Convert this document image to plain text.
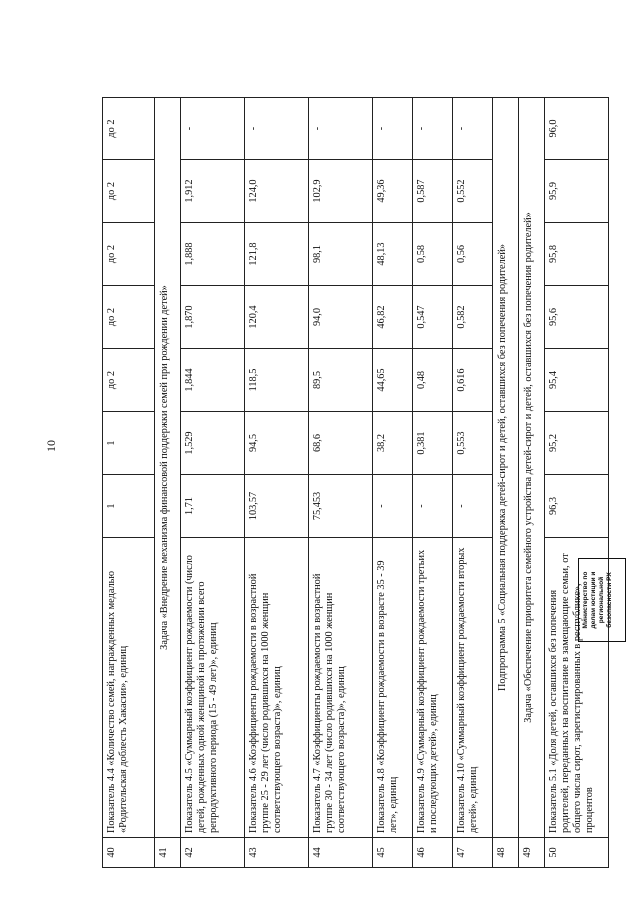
10
40	Показатель 4.4 «Количество семей, награжденных медалью «Родительская доблесть Хакасии», единиц	1	1	до 2	до 2	до 2	до 2	до 2
41	Задача «Внедрение механизма финансовой поддержки семей при рождении детей»							
42	Показатель 4.5 «Суммарный коэффициент рождаемости (число детей, рожденных одной женщиной на протяжении всего репродуктивного периода (15 - 49 лет)», единиц	1,71	1,529	1,844	1,870	1,888	1,912	-
43	Показатель 4.6 «Коэффициенты рождаемости в возрастной группе 25 - 29 лет (число родившихся на 1000 женщин соответствующего возраста)», единиц	103,57	94,5	118,5	120,4	121,8	124,0	-
44	Показатель 4.7 «Коэффициенты рождаемости в возрастной группе 30 - 34 лет (число родившихся на 1000 женщин соответствующего возраста)», единиц	75,453	68,6	89,5	94,0	98,1	102,9	-
45	Показатель 4.8 «Коэффициент рождаемости в возрасте 35 - 39 лет», единиц	-	38,2	44,65	46,82	48,13	49,36	-
46	Показатель 4.9 «Суммарный коэффициент рождаемости третьих и последующих детей», единиц	-	0,381	0,48	0,547	0,58	0,587	-
47	Показатель 4.10 «Суммарный коэффициент рождаемости вторых детей», единиц	-	0,553	0,616	0,582	0,56	0,552	-
48	Подпрограмма 5 «Социальная поддержка детей-сирот и детей, оставшихся без попечения родителей»							
49	Задача «Обеспечение приоритета семейного устройства детей-сирот и детей, оставшихся без попечения родителей»							
50	Показатель 5.1 «Доля детей, оставшихся без попечения родителей, переданных на воспитание в замещающие семьи, от общего числа сирот, зарегистрированных в республике», процентов	96,3	95,2	95,4	95,6	95,8	95,9	96,0
Министерство по делам юстиции и региональной безопасности РХ
